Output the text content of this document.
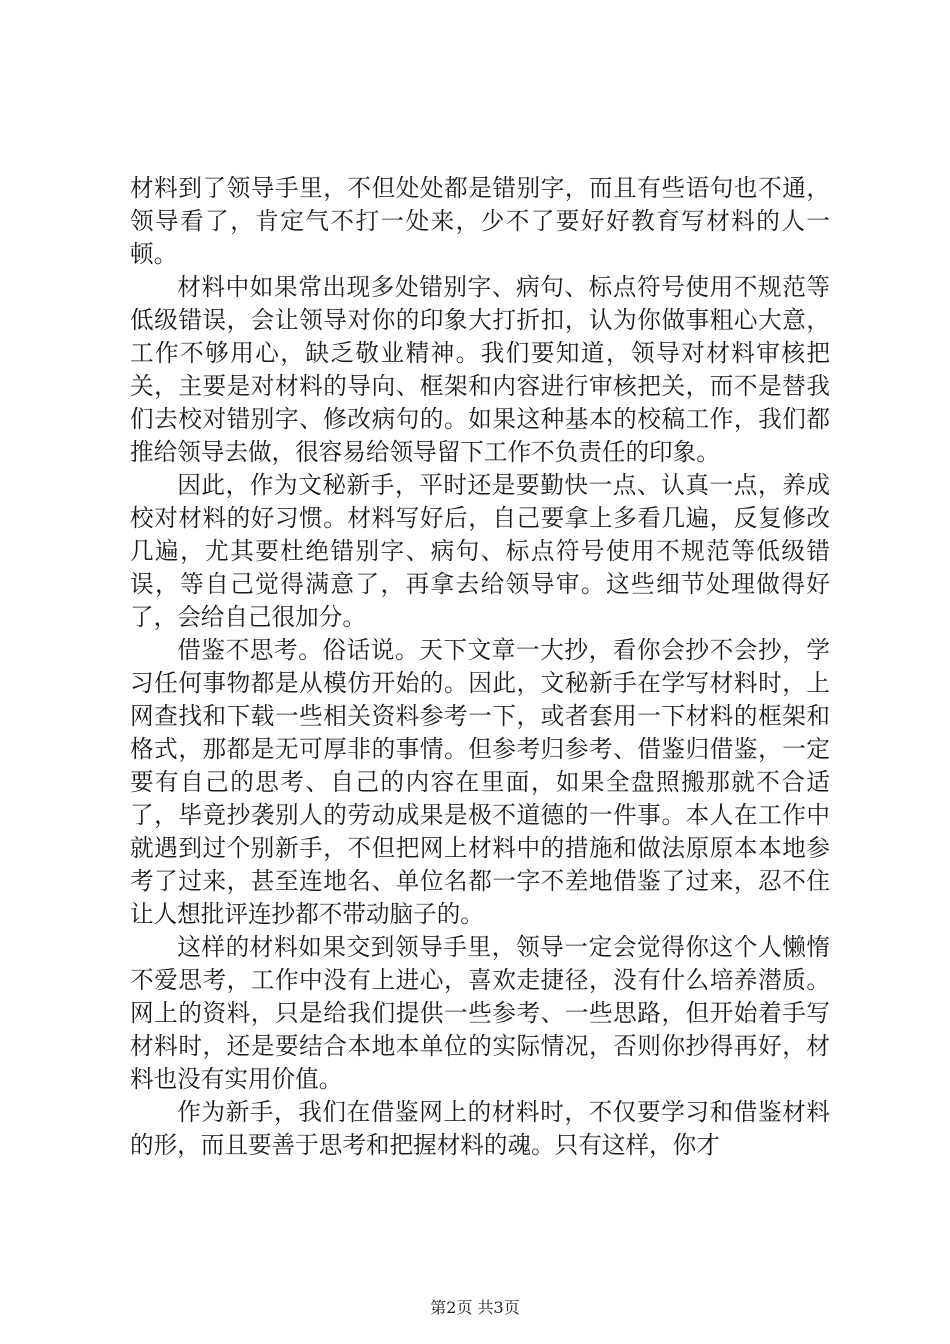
材料到了领导手里，不但处处都是错别字，而且有些语句也不通，领导看了，肯定气不打一处来，少不了要好好教育写材料的人一顿。

材料中如果常出现多处错别字、病句、标点符号使用不规范等低级错误，会让领导对你的印象大打折扣，认为你做事粗心大意，工作不够用心，缺乏敬业精神。我们要知道，领导对材料审核把关，主要是对材料的导向、框架和内容进行审核把关，而不是替我们去校对错别字、修改病句的。如果这种基本的校稿工作，我们都推给领导去做，很容易给领导留下工作不负责任的印象。

因此，作为文秘新手，平时还是要勤快一点、认真一点，养成校对材料的好习惯。材料写好后，自己要拿上多看几遍，反复修改几遍，尤其要杜绝错别字、病句、标点符号使用不规范等低级错误，等自己觉得满意了，再拿去给领导审。这些细节处理做得好了，会给自己很加分。

借鉴不思考。俗话说。天下文章一大抄，看你会抄不会抄，学习任何事物都是从模仿开始的。因此，文秘新手在学写材料时，上网查找和下载一些相关资料参考一下，或者套用一下材料的框架和格式，那都是无可厚非的事情。但参考归参考、借鉴归借鉴，一定要有自己的思考、自己的内容在里面，如果全盘照搬那就不合适了，毕竟抄袭别人的劳动成果是极不道德的一件事。本人在工作中就遇到过个别新手，不但把网上材料中的措施和做法原原本本地参考了过来，甚至连地名、单位名都一字不差地借鉴了过来，忍不住让人想批评连抄都不带动脑子的。

这样的材料如果交到领导手里，领导一定会觉得你这个人懒惰不爱思考，工作中没有上进心，喜欢走捷径，没有什么培养潜质。网上的资料，只是给我们提供一些参考、一些思路，但开始着手写材料时，还是要结合本地本单位的实际情况，否则你抄得再好，材料也没有实用价值。

作为新手，我们在借鉴网上的材料时，不仅要学习和借鉴材料的形，而且要善于思考和把握材料的魂。只有这样，你才

第2页 共3页
